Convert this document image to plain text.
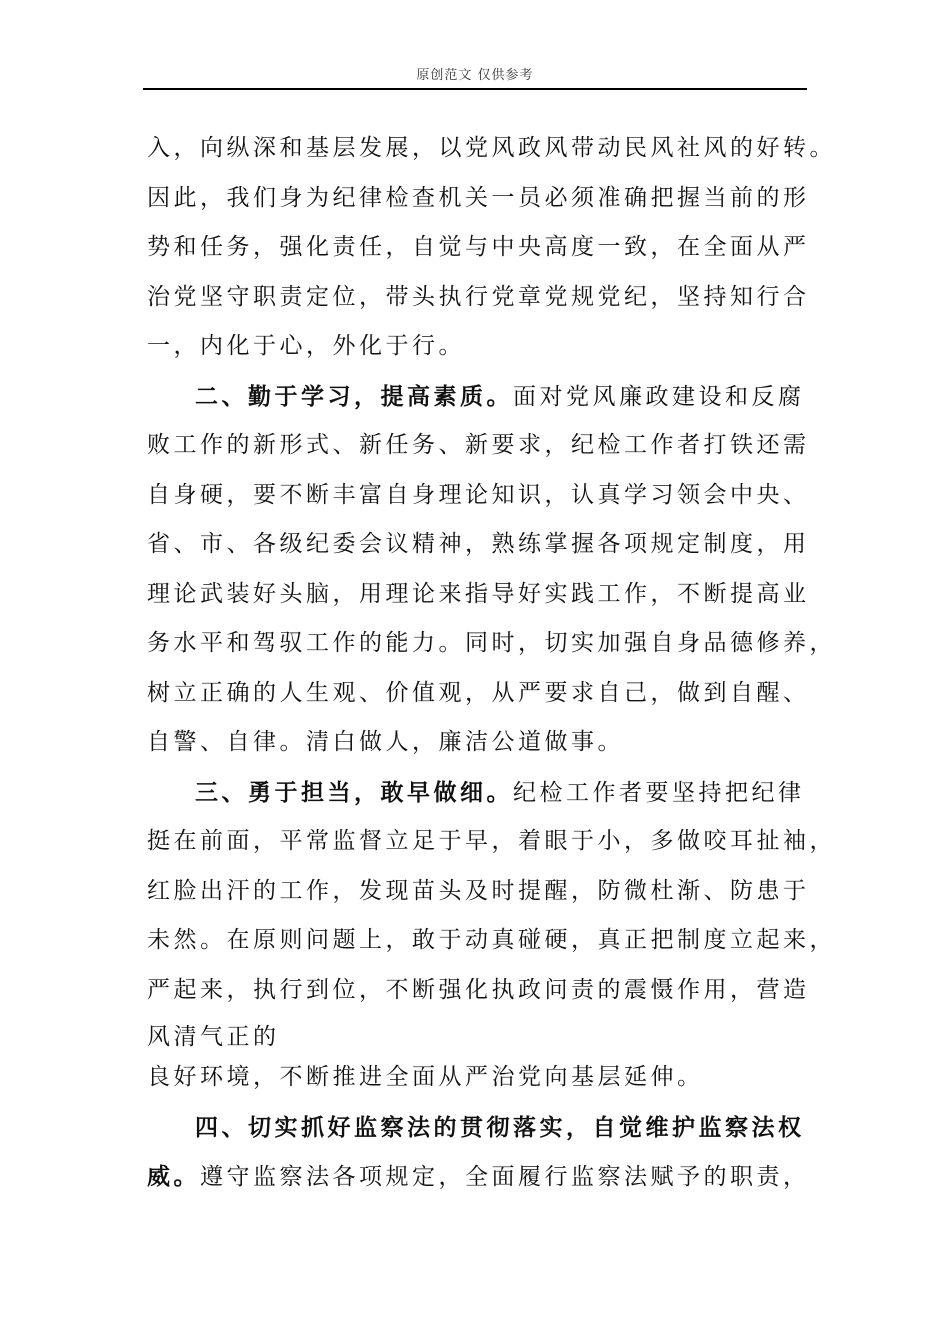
原创范文 仅供参考
入，向纵深和基层发展，以党风政风带动民风社风的好转。
因此，我们身为纪律检查机关一员必须准确把握当前的形
势和任务，强化责任，自觉与中央高度一致，在全面从严
治党坚守职责定位，带头执行党章党规党纪，坚持知行合
一，内化于心，外化于行。
二、勤于学习，提高素质。面对党风廉政建设和反腐
败工作的新形式、新任务、新要求，纪检工作者打铁还需
自身硬，要不断丰富自身理论知识，认真学习领会中央、
省、市、各级纪委会议精神，熟练掌握各项规定制度，用
理论武装好头脑，用理论来指导好实践工作，不断提高业
务水平和驾驭工作的能力。同时，切实加强自身品德修养，
树立正确的人生观、价值观，从严要求自己，做到自醒、
自警、自律。清白做人，廉洁公道做事。
三、勇于担当，敢早做细。纪检工作者要坚持把纪律
挺在前面，平常监督立足于早，着眼于小，多做咬耳扯袖，
红脸出汗的工作，发现苗头及时提醒，防微杜渐、防患于
未然。在原则问题上，敢于动真碰硬，真正把制度立起来，
严起来，执行到位，不断强化执政问责的震慑作用，营造
风清气正的
良好环境，不断推进全面从严治党向基层延伸。
四、切实抓好监察法的贯彻落实，自觉维护监察法权
威。遵守监察法各项规定，全面履行监察法赋予的职责，
